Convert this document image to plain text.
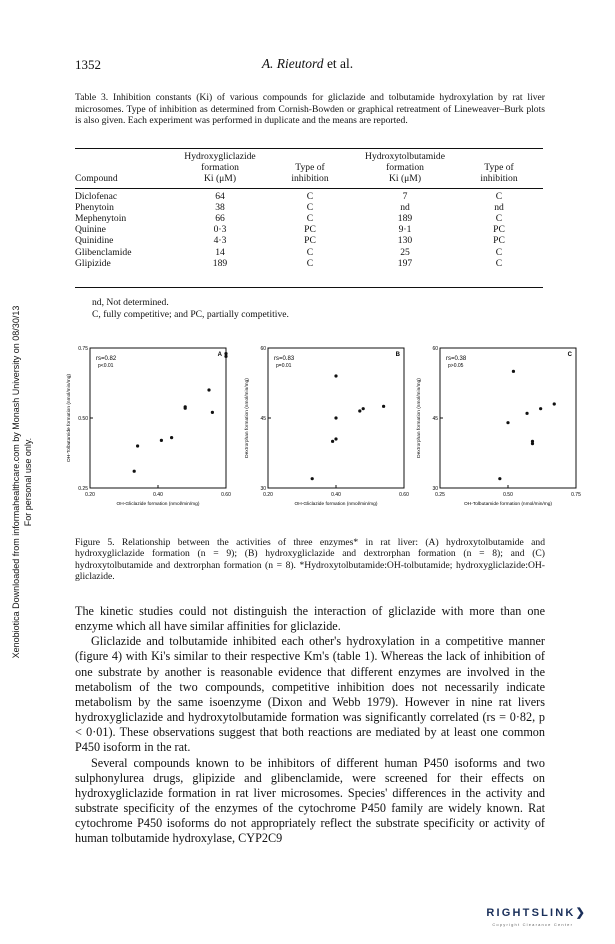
1352	A. Rieutord et al.
Xenobiotica Downloaded from informahealthcare.com by Monash University on 08/30/13 For personal use only.
Table 3. Inhibition constants (Ki) of various compounds for gliclazide and tolbutamide hydroxylation by rat liver microsomes. Type of inhibition as determined from Cornish-Bowden or graphical retreatment of Lineweaver–Burk plots is also given. Each experiment was performed in duplicate and the means are reported.
	Hydroxygliclazide		Hydroxytolbutamide	
	formation	Type of	formation	Type of
Compound	Ki (μM)	inhibition	Ki (μM)	inhibition

Diclofenac	64	C	7	C
Phenytoin	38	C	nd	nd
Mephenytoin	66	C	189	C
Quinine	0·3	PC	9·1	PC
Quinidine	4·3	PC	130	PC
Glibenclamide	14	C	25	C
Glipizide	189	C	197	C
nd, Not determined.
C, fully competitive; and PC, partially competitive.
0.20	0.40	0.60
0.25
0.50
0.75
rs=0.82
p<0.01
A
OH-Gliclazide formation (nmol/min/mg)
OH-Tolbutamide formation (nmol/min/mg)
0.20	0.40	0.60
30
45
60
rs=0.83
p=0.01
B
OH-Gliclazide formation (nmol/min/mg)
Dextrorphan formation (nmol/min/mg)
0.25	0.50	0.75
30
45
60
rs=0.38
p>0.05
C
OH-Tolbutamide formation (nmol/min/mg)
Dextrorphan formation (nmol/min/mg)
Figure 5. Relationship between the activities of three enzymes* in rat liver: (A) hydroxytolbutamide and hydroxygliclazide formation (n = 9); (B) hydroxygliclazide and dextrorphan formation (n = 8); and (C) hydroxytolbutamide and dextrorphan formation (n = 8). *Hydroxytolbutamide:OH-tolbutamide; hydroxygliclazide:OH-gliclazide.

The kinetic studies could not distinguish the interaction of gliclazide with more than one enzyme which all have similar affinities for gliclazide.

Gliclazide and tolbutamide inhibited each other's hydroxylation in a competitive manner (figure 4) with Ki's similar to their respective Km's (table 1). Whereas the lack of inhibition of one substrate by another is reasonable evidence that different enzymes are involved in the metabolism of the two compounds, competitive inhibition does not necessarily indicate metabolism by the same isoenzyme (Dixon and Webb 1979). However in nine rat livers hydroxygliclazide and hydroxytolbutamide formation was significantly correlated (rs = 0·82, p < 0·01). These observations suggest that both reactions are mediated by at least one common P450 isoform in the rat.

Several compounds known to be inhibitors of different human P450 isoforms and two sulphonylurea drugs, glipizide and glibenclamide, were screened for their effects on hydroxygliclazide formation in rat liver microsomes. Species' differences in the activity and substrate specificity of the enzymes of the cytochrome P450 family are widely known. Rat cytochrome P450 isoforms do not appropriately reflect the substrate specificity or activity of human tolbutamide hydroxylase, CYP2C9

RIGHTSLINK❯
Copyright Clearance Center
